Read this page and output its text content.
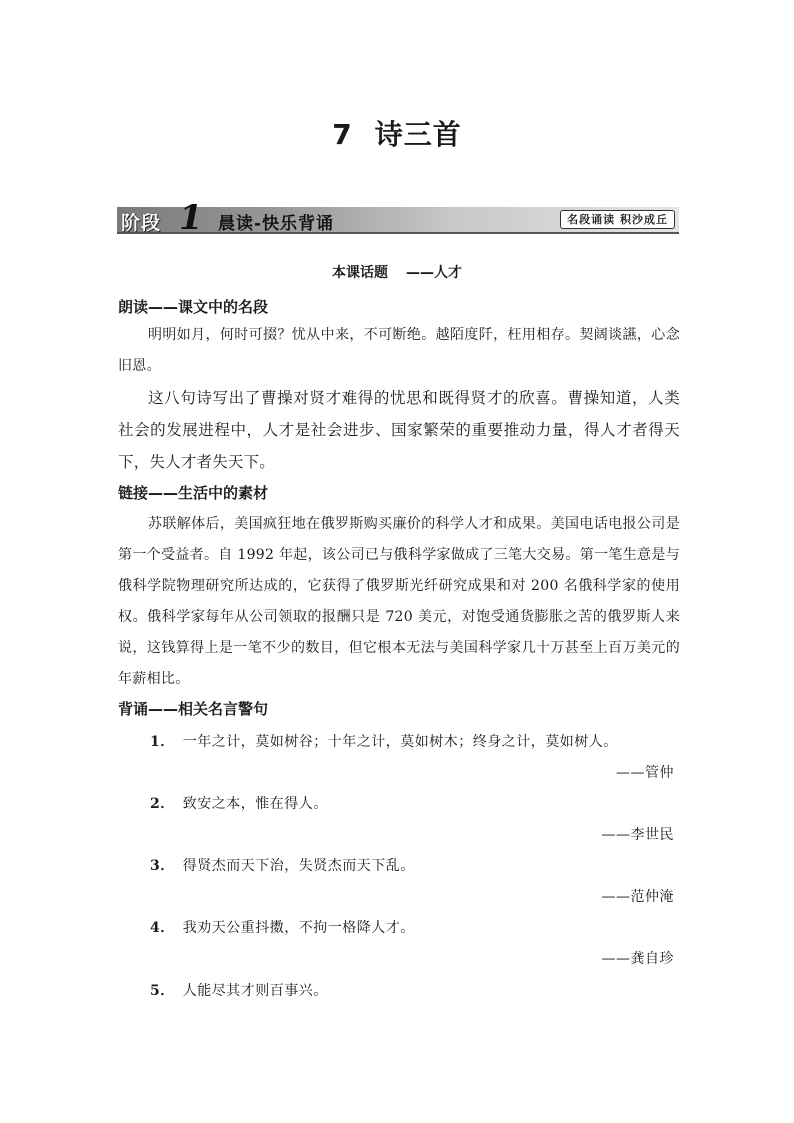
7 诗三首
阶段 1 晨读-快乐背诵	名段诵读 积沙成丘
本课话题 ——人才
朗读——课文中的名段

明明如月，何时可掇？忧从中来，不可断绝。越陌度阡，枉用相存。契阔谈讌，心念旧恩。

这八句诗写出了曹操对贤才难得的忧思和既得贤才的欣喜。曹操知道，人类社会的发展进程中，人才是社会进步、国家繁荣的重要推动力量，得人才者得天下，失人才者失天下。

链接——生活中的素材

苏联解体后，美国疯狂地在俄罗斯购买廉价的科学人才和成果。美国电话电报公司是第一个受益者。自 1992 年起，该公司已与俄科学家做成了三笔大交易。第一笔生意是与俄科学院物理研究所达成的，它获得了俄罗斯光纤研究成果和对 200 名俄科学家的使用权。俄科学家每年从公司领取的报酬只是 720 美元，对饱受通货膨胀之苦的俄罗斯人来说，这钱算得上是一笔不少的数目，但它根本无法与美国科学家几十万甚至上百万美元的年薪相比。

背诵——相关名言警句
1． 一年之计，莫如树谷；十年之计，莫如树木；终身之计，莫如树人。
——管仲
2． 致安之本，惟在得人。
——李世民
3． 得贤杰而天下治，失贤杰而天下乱。
——范仲淹
4． 我劝天公重抖擞，不拘一格降人才。
——龚自珍
5． 人能尽其才则百事兴。
